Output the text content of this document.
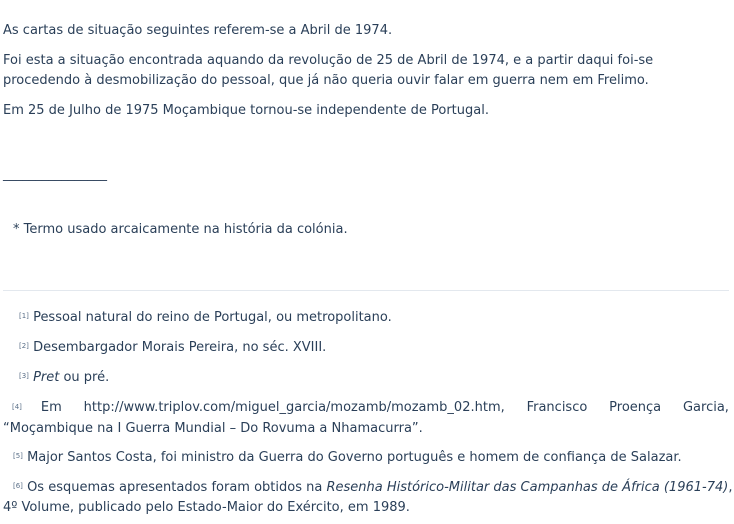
As cartas de situação seguintes referem-se a Abril de 1974.

Foi esta a situação encontrada aquando da revolução de 25 de Abril de 1974, e a partir daqui foi-se procedendo à desmobilização do pessoal, que já não queria ouvir falar em guerra nem em Frelimo.

Em 25 de Julho de 1975 Moçambique tornou-se independente de Portugal.

________________

* Termo usado arcaicamente na história da colónia.

[1] Pessoal natural do reino de Portugal, ou metropolitano.

[2] Desembargador Morais Pereira, no séc. XVIII.

[3] Pret ou pré.

[4] Em http://www.triplov.com/miguel_garcia/mozamb/mozamb_02.htm, Francisco Proença Garcia,
“Moçambique na I Guerra Mundial – Do Rovuma a Nhamacurra”.

[5] Major Santos Costa, foi ministro da Guerra do Governo português e homem de confiança de Salazar.

[6] Os esquemas apresentados foram obtidos na Resenha Histórico-Militar das Campanhas de África (1961-74),
4º Volume, publicado pelo Estado-Maior do Exército, em 1989.
